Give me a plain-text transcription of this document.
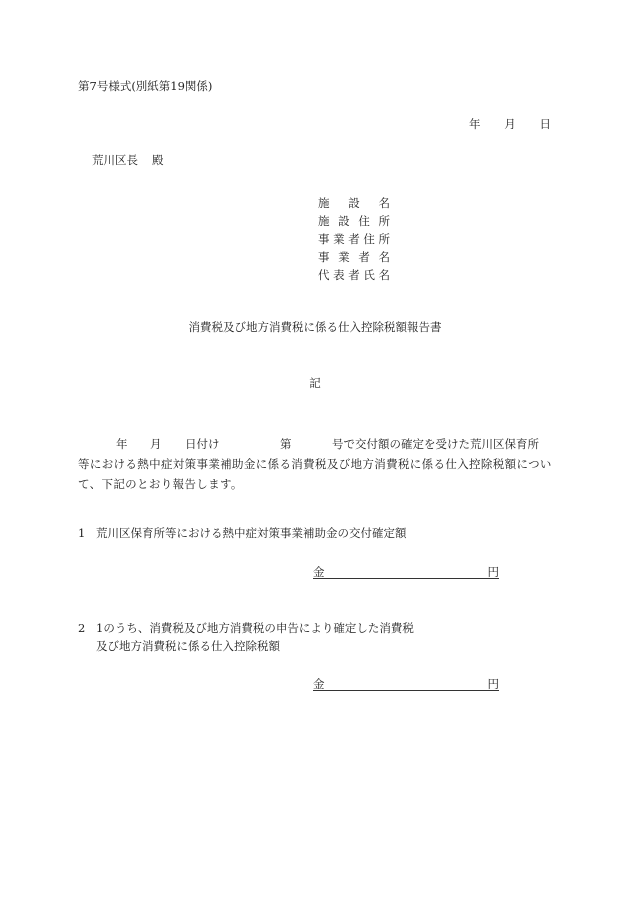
第7号様式(別紙第19関係)
年 月 日
荒川区長 殿
施 設 名
施 設 住 所
事 業 者 住 所
事 業 者 名
代 表 者 氏 名
消費税及び地方消費税に係る仕入控除税額報告書
記
年 月 日付け	第	号で交付額の確定を受けた荒川区保育所
等における熱中症対策事業補助金に係る消費税及び地方消費税に係る仕入控除税額につい
て、下記のとおり報告します。
1 荒川区保育所等における熱中症対策事業補助金の交付確定額
金	円
2 1のうち、消費税及び地方消費税の申告により確定した消費税
及び地方消費税に係る仕入控除税額
金	円
